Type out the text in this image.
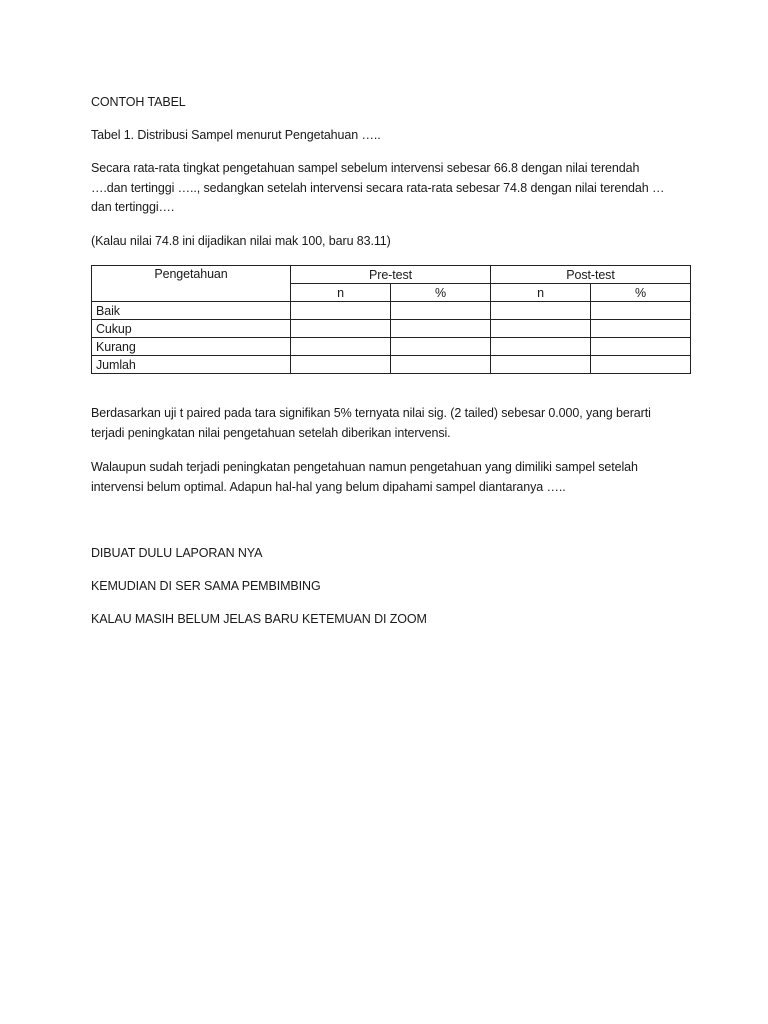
CONTOH TABEL
Tabel 1. Distribusi Sampel menurut Pengetahuan …..
Secara rata-rata tingkat pengetahuan sampel sebelum intervensi sebesar 66.8 dengan nilai terendah
….dan tertinggi ….., sedangkan setelah intervensi secara rata-rata sebesar 74.8 dengan nilai terendah …
dan tertinggi….
(Kalau nilai 74.8 ini dijadikan nilai mak 100, baru 83.11)
Pengetahuan	Pre-test		Post-test	
	n	%	n	%
Baik				
Cukup				
Kurang				
Jumlah				
Berdasarkan uji t paired pada tara signifikan 5% ternyata nilai sig. (2 tailed) sebesar 0.000, yang berarti
terjadi peningkatan nilai pengetahuan setelah diberikan intervensi.
Walaupun sudah terjadi peningkatan pengetahuan namun pengetahuan yang dimiliki sampel setelah
intervensi belum optimal. Adapun hal-hal yang belum dipahami sampel diantaranya …..
DIBUAT DULU LAPORAN NYA
KEMUDIAN DI SER SAMA PEMBIMBING
KALAU MASIH BELUM JELAS BARU KETEMUAN DI ZOOM
